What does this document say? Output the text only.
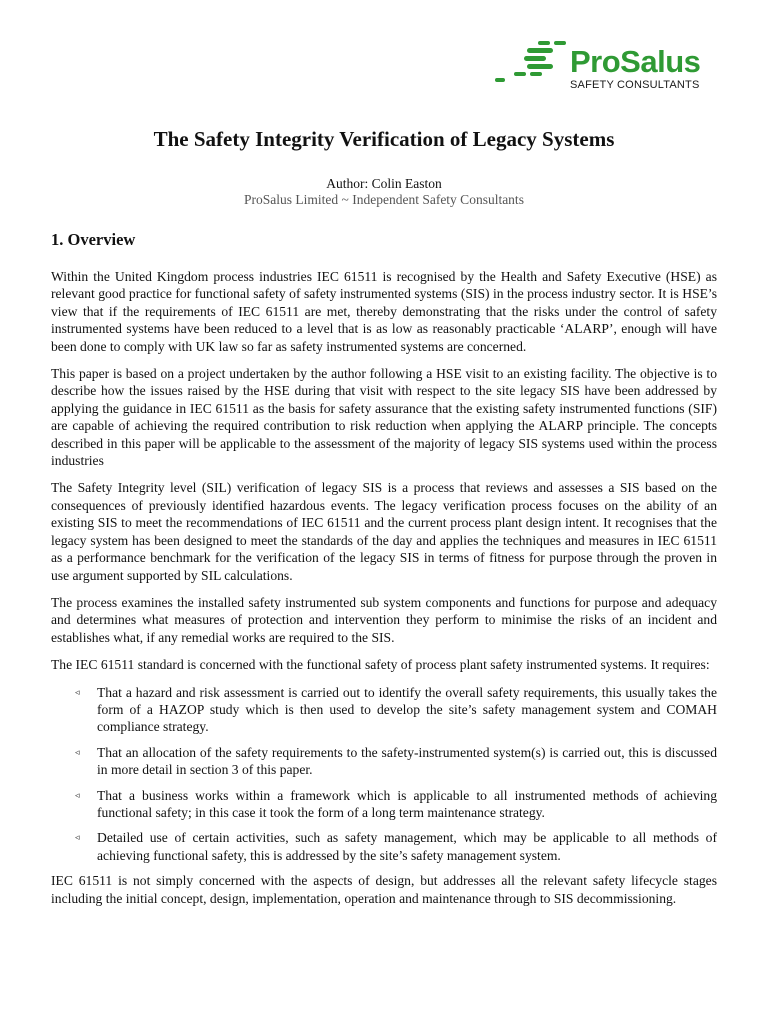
ProSalus
SAFETY CONSULTANTS
The Safety Integrity Verification of Legacy Systems
Author: Colin Easton
ProSalus Limited ~ Independent Safety Consultants
1. Overview

Within the United Kingdom process industries IEC 61511 is recognised by the Health and Safety Executive (HSE) as relevant good practice for functional safety of safety instrumented systems (SIS) in the process industry sector. It is HSE’s view that if the requirements of IEC 61511 are met, thereby demonstrating that the risks under the control of safety instrumented systems have been reduced to a level that is as low as reasonably practicable ‘ALARP’, enough will have been done to comply with UK law so far as safety instrumented systems are concerned.

This paper is based on a project undertaken by the author following a HSE visit to an existing facility. The objective is to describe how the issues raised by the HSE during that visit with respect to the site legacy SIS have been addressed by applying the guidance in IEC 61511 as the basis for safety assurance that the existing safety instrumented functions (SIF) are capable of achieving the required contribution to risk reduction when applying the ALARP principle. The concepts described in this paper will be applicable to the assessment of the majority of legacy SIS systems used within the process industries

The Safety Integrity level (SIL) verification of legacy SIS is a process that reviews and assesses a SIS based on the consequences of previously identified hazardous events. The legacy verification process focuses on the ability of an existing SIS to meet the recommendations of IEC 61511 and the current process plant design intent. It recognises that the legacy system has been designed to meet the standards of the day and applies the techniques and measures in IEC 61511 as a performance benchmark for the verification of the legacy SIS in terms of fitness for purpose through the proven in use argument supported by SIL calculations.

The process examines the installed safety instrumented sub system components and functions for purpose and adequacy and determines what measures of protection and intervention they perform to minimise the risks of an incident and establishes what, if any remedial works are required to the SIS.

The IEC 61511 standard is concerned with the functional safety of process plant safety instrumented systems. It requires:

◃ That a hazard and risk assessment is carried out to identify the overall safety requirements, this usually takes the form of a HAZOP study which is then used to develop the site’s safety management system and COMAH compliance strategy.
◃ That an allocation of the safety requirements to the safety-instrumented system(s) is carried out, this is discussed in more detail in section 3 of this paper.
◃ That a business works within a framework which is applicable to all instrumented methods of achieving functional safety; in this case it took the form of a long term maintenance strategy.
◃ Detailed use of certain activities, such as safety management, which may be applicable to all methods of achieving functional safety, this is addressed by the site’s safety management system.

IEC 61511 is not simply concerned with the aspects of design, but addresses all the relevant safety lifecycle stages including the initial concept, design, implementation, operation and maintenance through to SIS decommissioning.
